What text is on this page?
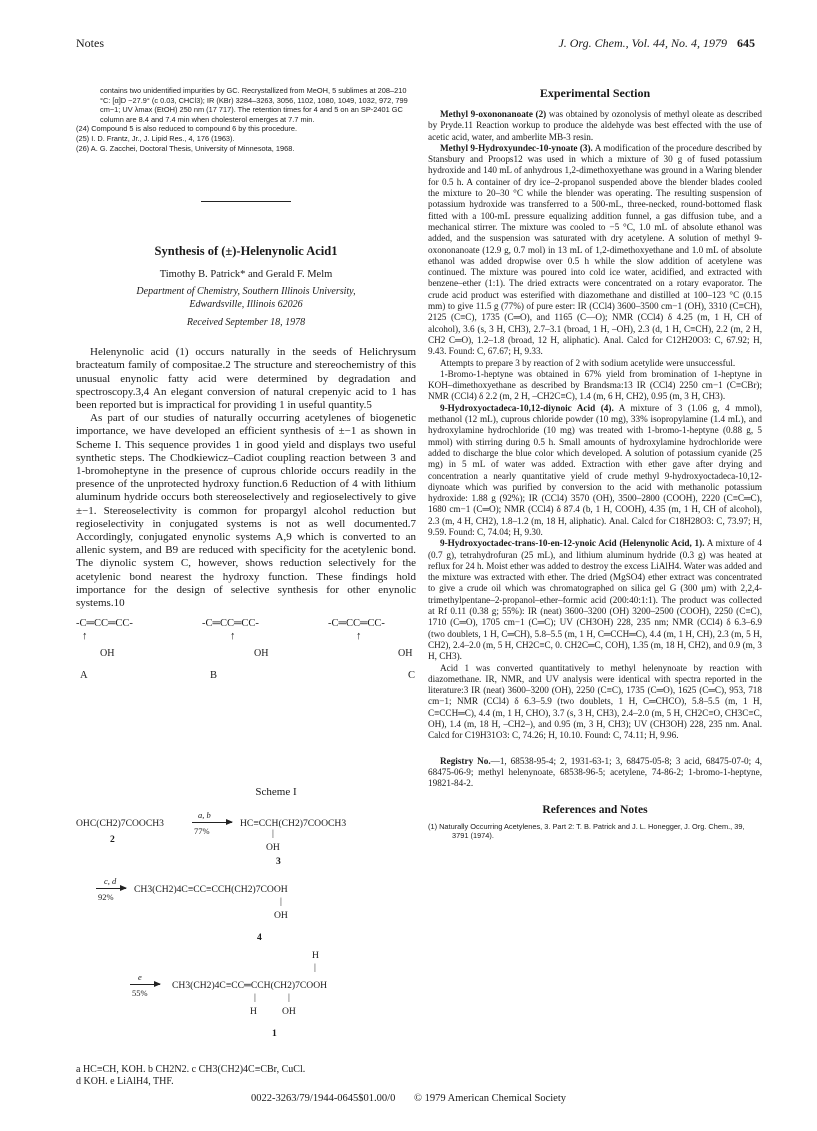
Notes	J. Org. Chem., Vol. 44, No. 4, 1979 645

contains two unidentified impurities by GC. Recrystallized from MeOH, 5 sublimes at 208–210 °C: [α]D −27.9° (c 0.03, CHCl3); IR (KBr) 3284–3263, 3056, 1102, 1080, 1049, 1032, 972, 799 cm−1; UV λmax (EtOH) 250 nm (17 717). The retention times for 4 and 5 on an SP-2401 GC column are 8.4 and 7.4 min when cholesterol emerges at 7.7 min.

(24) Compound 5 is also reduced to compound 6 by this procedure.

(25) I. D. Frantz, Jr., J. Lipid Res., 4, 176 (1963).

(26) A. G. Zacchei, Doctoral Thesis, University of Minnesota, 1968.

Synthesis of (±)-Helenynolic Acid1
Timothy B. Patrick* and Gerald F. Melm
Department of Chemistry, Southern Illinois University,
Edwardsville, Illinois 62026
Received September 18, 1978

Helenynolic acid (1) occurs naturally in the seeds of Helichrysum bracteatum family of compositae.2 The structure and stereochemistry of this unusual enynolic fatty acid were determined by degradation and spectroscopy.3,4 An elegant conversion of natural crepenyic acid to 1 has been reported but is impractical for providing 1 in useful quantity.5

As part of our studies of naturally occurring acetylenes of biogenetic importance, we have developed an efficient synthesis of ±−1 as shown in Scheme I. This sequence provides 1 in good yield and displays two useful synthetic steps. The Chodkiewicz–Cadiot coupling reaction between 3 and 1-bromoheptyne in the presence of cuprous chloride occurs readily in the presence of the unprotected hydroxy function.6 Reduction of 4 with lithium aluminum hydride occurs both stereoselectively and regioselectively to give ±−1. Stereoselectivity is common for propargyl alcohol reduction but regioselectivity in conjugated systems is not as well documented.7 Accordingly, conjugated enynolic systems A,9 which is converted to an allenic system, and B9 are reduced with specificity for the acetylenic bond. The diynolic system C, however, shows reduction selectively for the acetylenic bond nearest the hydroxy function. These findings hold importance for the design of selective synthesis for other enynolic systems.10

-C═CC═CC-
↑
OH
A
-C═CC═CC-
↑
OH
B
-C═CC═CC-
↑
OH
C
Scheme I
OHC(CH2)7COOCH3
a, b
77%
HC≡CCH(CH2)7COOCH3
2
|
OH
3
c, d
92%
CH3(CH2)4C≡CC≡CCH(CH2)7COOH
|
OH
4
H
|
e
55%
CH3(CH2)4C≡CC═CCH(CH2)7COOH
|	|
H	OH
1
a HC≡CH, KOH. b CH2N2. c CH3(CH2)4C≡CBr, CuCl.
d KOH. e LiAlH4, THF.
Experimental Section

Methyl 9-oxononanoate (2) was obtained by ozonolysis of methyl oleate as described by Pryde.11 Reaction workup to produce the aldehyde was best effected with the use of acetic acid, water, and amberlite MB-3 resin.

Methyl 9-Hydroxyundec-10-ynoate (3). A modification of the procedure described by Stansbury and Proops12 was used in which a mixture of 30 g of fused potassium hydroxide and 140 mL of anhydrous 1,2-dimethoxyethane was ground in a Waring blender for 0.5 h. A container of dry ice–2-propanol suspended above the blender blades cooled the mixture to 20–30 °C while the blender was operating. The resulting suspension of potassium hydroxide was transferred to a 500-mL, three-necked, round-bottomed flask fitted with a 100-mL pressure equalizing addition funnel, a gas diffusion tube, and a mechanical stirrer. The mixture was cooled to −5 °C, 1.0 mL of absolute ethanol was added, and the suspension was saturated with dry acetylene. A solution of methyl 9-oxononanoate (12.9 g, 0.7 mol) in 13 mL of 1,2-dimethoxyethane and 1.0 mL of absolute ethanol was added dropwise over 0.5 h while the slow addition of acetylene was continued. The mixture was poured into cold ice water, acidified, and extracted with benzene–ether (1:1). The dried extracts were concentrated on a rotary evaporator. The crude acid product was esterified with diazomethane and distilled at 100–123 °C (0.15 mm) to give 11.5 g (77%) of pure ester: IR (CCl4) 3600–3500 cm−1 (OH), 3310 (C≡CH), 2125 (C≡C), 1735 (C═O), and 1165 (C—O); NMR (CCl4) δ 4.25 (m, 1 H, CH of alcohol), 3.6 (s, 3 H, CH3), 2.7–3.1 (broad, 1 H, –OH), 2.3 (d, 1 H, C≡CH), 2.2 (m, 2 H, CH2 C═O), 1.2–1.8 (broad, 12 H, aliphatic). Anal. Calcd for C12H20O3: C, 67.92; H, 9.43. Found: C, 67.67; H, 9.33.

Attempts to prepare 3 by reaction of 2 with sodium acetylide were unsuccessful.

1-Bromo-1-heptyne was obtained in 67% yield from bromination of 1-heptyne in KOH–dimethoxyethane as described by Brandsma:13 IR (CCl4) 2250 cm−1 (C≡CBr); NMR (CCl4) δ 2.2 (m, 2 H, –CH2C≡C), 1.4 (m, 6 H, CH2), 0.95 (m, 3 H, CH3).

9-Hydroxyoctadeca-10,12-diynoic Acid (4). A mixture of 3 (1.06 g, 4 mmol), methanol (12 mL), cuprous chloride powder (10 mg), 33% isopropylamine (1.4 mL), and hydroxylamine hydrochloride (10 mg) was treated with 1-bromo-1-heptyne (0.88 g, 5 mmol) with stirring during 0.5 h. Small amounts of hydroxylamine hydrochloride were added to discharge the blue color which developed. A solution of potassium cyanide (25 mg) in 5 mL of water was added. Extraction with ether gave after drying and concentration a nearly quantitative yield of crude methyl 9-hydroxyoctadeca-10,12-diynoate which was purified by conversion to the acid with methanolic potassium hydroxide: 1.88 g (92%); IR (CCl4) 3570 (OH), 3500–2800 (COOH), 2220 (C≡C═C), 1680 cm−1 (C═O); NMR (CCl4) δ 87.4 (b, 1 H, COOH), 4.35 (m, 1 H, CH of alcohol), 2.3 (m, 4 H, CH2), 1.8–1.2 (m, 18 H, aliphatic). Anal. Calcd for C18H28O3: C, 73.97; H, 9.59. Found: C, 74.04; H, 9.30.

9-Hydroxyoctadec-trans-10-en-12-ynoic Acid (Helenynolic Acid, 1). A mixture of 4 (0.7 g), tetrahydrofuran (25 mL), and lithium aluminum hydride (0.3 g) was heated at reflux for 24 h. Moist ether was added to destroy the excess LiAlH4. Water was added and the mixture was extracted with ether. The dried (MgSO4) ether extract was concentrated to give a crude oil which was chromatographed on silica gel G (300 μm) with 2,2,4-trimethylpentane–2-propanol–ether–formic acid (200:40:1:1). The product was collected at Rf 0.11 (0.38 g; 55%): IR (neat) 3600–3200 (OH) 3200–2500 (COOH), 2250 (C≡C), 1710 (C═O), 1705 cm−1 (C═C); UV (CH3OH) 228, 235 nm; NMR (CCl4) δ 6.3–6.9 (two doublets, 1 H, C═CH), 5.8–5.5 (m, 1 H, C═CCH═C), 4.4 (m, 1 H, CH), 2.3 (m, 5 H, CH2), 2.4–2.0 (m, 5 H, CH2C≡C, 0. CH2C═C, COH), 1.35 (m, 18 H, CH2), and 0.9 (m, 3 H, CH3).

Acid 1 was converted quantitatively to methyl helenynoate by reaction with diazomethane. IR, NMR, and UV analysis were identical with spectra reported in the literature:3 IR (neat) 3600–3200 (OH), 2250 (C≡C), 1735 (C═O), 1625 (C═C), 953, 718 cm−1; NMR (CCl4) δ 6.3–5.9 (two doublets, 1 H, C═CHCO), 5.8–5.5 (m, 1 H, C≡CCH═C), 4.4 (m, 1 H, CHO), 3.7 (s, 3 H, CH3), 2.4–2.0 (m, 5 H, CH2C≡O, CH3C≡C, OH), 1.4 (m, 18 H, –CH2–), and 0.95 (m, 3 H, CH3); UV (CH3OH) 228, 235 nm. Anal. Calcd for C19H31O3: C, 74.26; H, 10.10. Found: C, 74.11; H, 9.96.

Registry No.—1, 68538-95-4; 2, 1931-63-1; 3, 68475-05-8; 3 acid, 68475-07-0; 4, 68475-06-9; methyl helenynoate, 68538-96-5; acetylene, 74-86-2; 1-bromo-1-heptyne, 19821-84-2.

References and Notes

(1) Naturally Occurring Acetylenes, 3. Part 2: T. B. Patrick and J. L. Honegger, J. Org. Chem., 39, 3791 (1974).

0022-3263/79/1944-0645$01.00/0 © 1979 American Chemical Society
